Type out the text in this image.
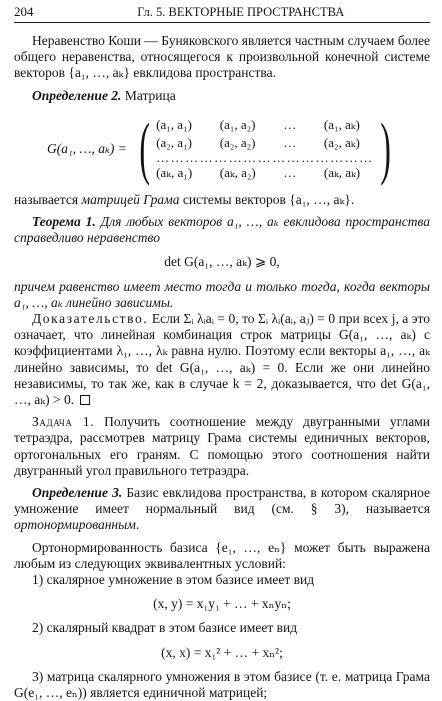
204	Гл. 5. ВЕКТОРНЫЕ ПРОСТРАНСТВА

Неравенство Коши — Буняковского является частным случаем более общего неравенства, относящегося к произвольной конечной системе векторов {a₁, …, aₖ} евклидова пространства.

Определение 2. Матрица

G(a₁, …, aₖ) = ( (a₁, a₁)	(a₁, a₂)	…	(a₁, aₖ)
(a₂, a₁)	(a₂, a₂)	…	(a₂, aₖ)
………………………………………
(aₖ, a₁)	(aₖ, a₂)	…	(aₖ, aₖ) )

называется матрицей Грама системы векторов {a₁, …, aₖ}.

Теорема 1. Для любых векторов a₁, …, aₖ евклидова пространства справедливо неравенство

det G(a₁, …, aₖ) ⩾ 0,

причем равенство имеет место тогда и только тогда, когда векторы a₁, …, aₖ линейно зависимы.

Доказательство. Если Σᵢ λᵢaᵢ = 0, то Σᵢ λᵢ(aᵢ, aⱼ) = 0 при всех j, а это означает, что линейная комбинация строк матрицы G(a₁, …, aₖ) с коэффициентами λ₁, …, λₖ равна нулю. Поэтому если векторы a₁, …, aₖ линейно зависимы, то det G(a₁, …, aₖ) = 0. Если же они линейно независимы, то так же, как в случае k = 2, доказывается, что det G(a₁, …, aₖ) > 0.

Задача 1. Получить соотношение между двугранными углами тетраэдра, рассмотрев матрицу Грама системы единичных векторов, ортогональных его граням. С помощью этого соотношения найти двугранный угол правильного тетраэдра.

Определение 3. Базис евклидова пространства, в котором скалярное умножение имеет нормальный вид (см. § 3), называется ортонормированным.

Ортонормированность базиса {e₁, …, eₙ} может быть выражена любым из следующих эквивалентных условий:

1) скалярное умножение в этом базисе имеет вид

(x, y) = x₁y₁ + … + xₙyₙ;

2) скалярный квадрат в этом базисе имеет вид

(x, x) = x₁² + … + xₙ²;

3) матрица скалярного умножения в этом базисе (т. е. матрица Грама G(e₁, …, eₙ)) является единичной матрицей;
